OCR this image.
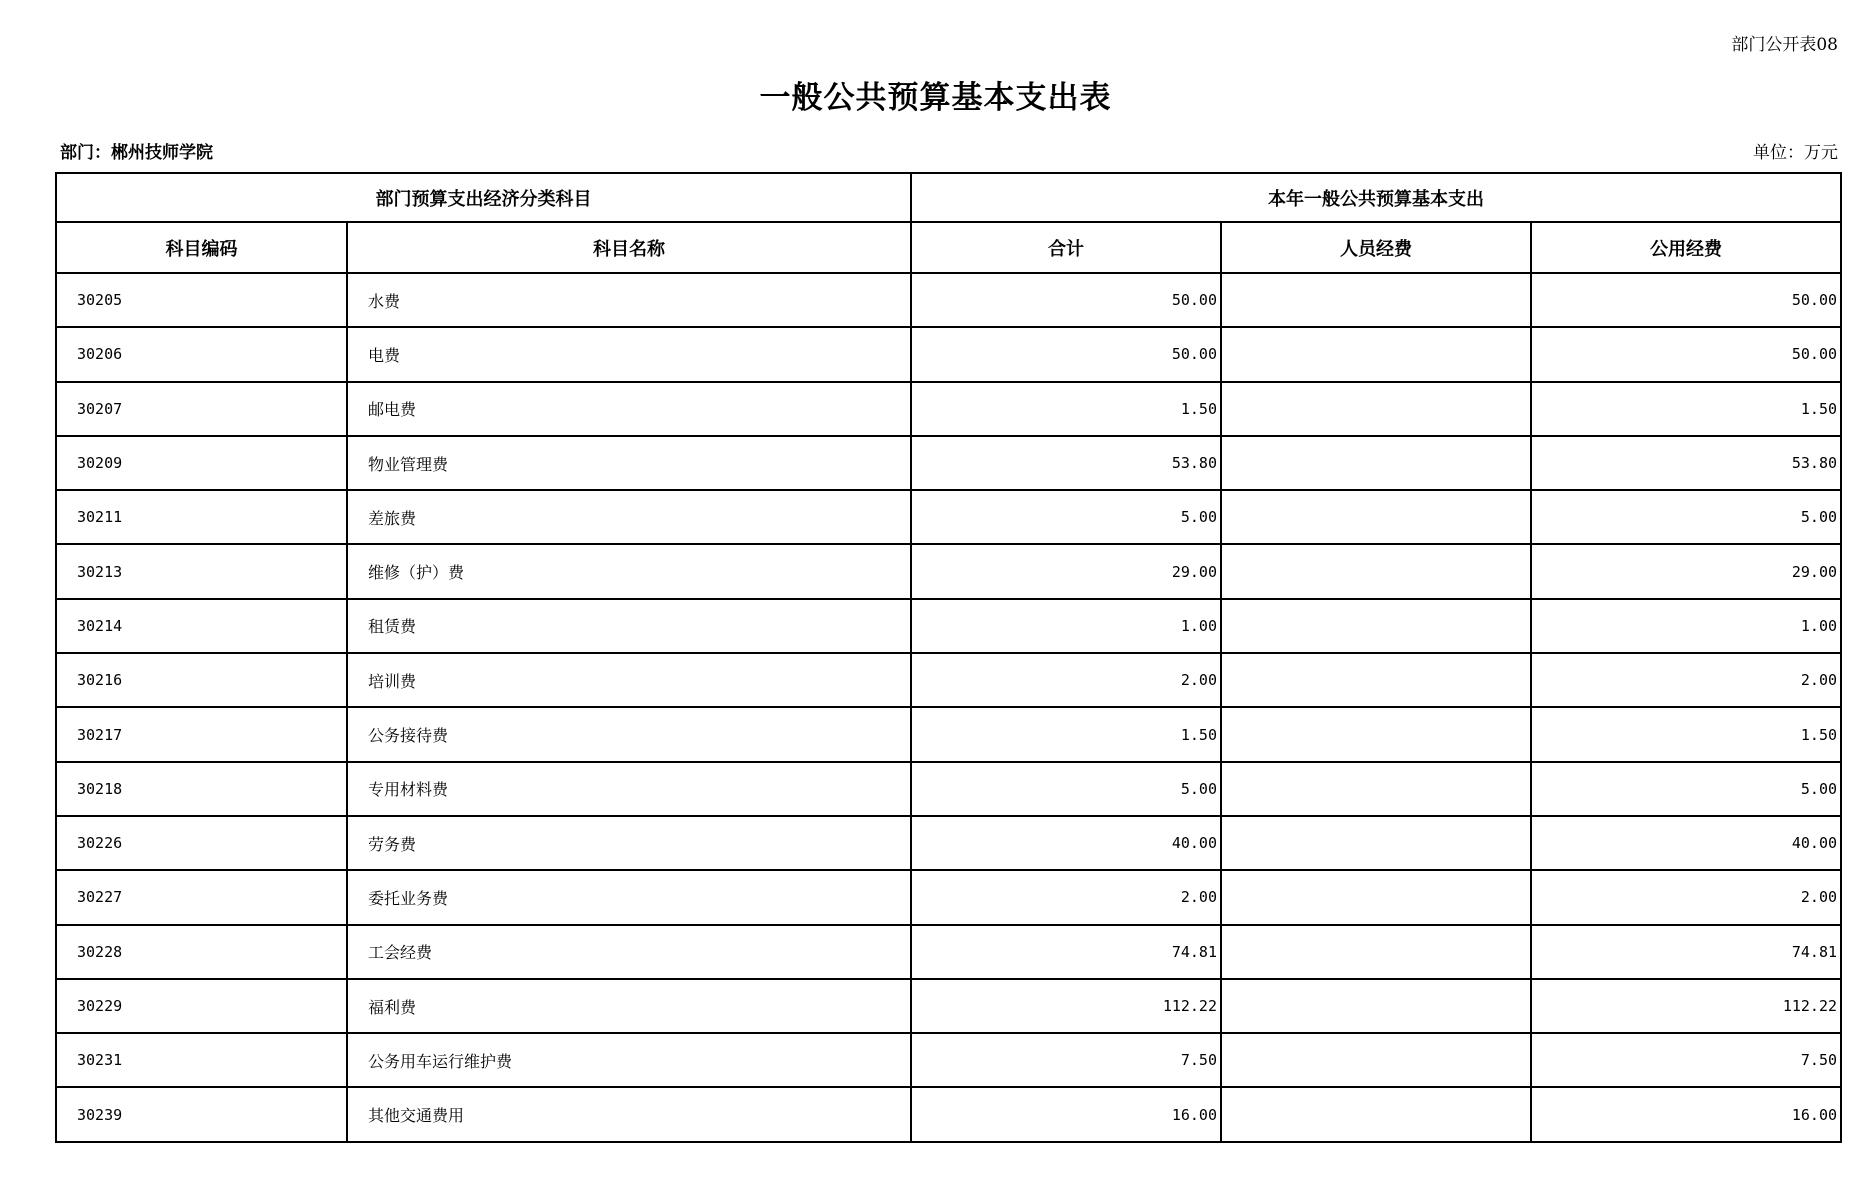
部门公开表08
一般公共预算基本支出表
部门：郴州技师学院	单位：万元
部门预算支出经济分类科目		本年一般公共预算基本支出		
科目编码	科目名称	合计	人员经费	公用经费
30205	水费	50.00		50.00
30206	电费	50.00		50.00
30207	邮电费	1.50		1.50
30209	物业管理费	53.80		53.80
30211	差旅费	5.00		5.00
30213	维修（护）费	29.00		29.00
30214	租赁费	1.00		1.00
30216	培训费	2.00		2.00
30217	公务接待费	1.50		1.50
30218	专用材料费	5.00		5.00
30226	劳务费	40.00		40.00
30227	委托业务费	2.00		2.00
30228	工会经费	74.81		74.81
30229	福利费	112.22		112.22
30231	公务用车运行维护费	7.50		7.50
30239	其他交通费用	16.00		16.00
